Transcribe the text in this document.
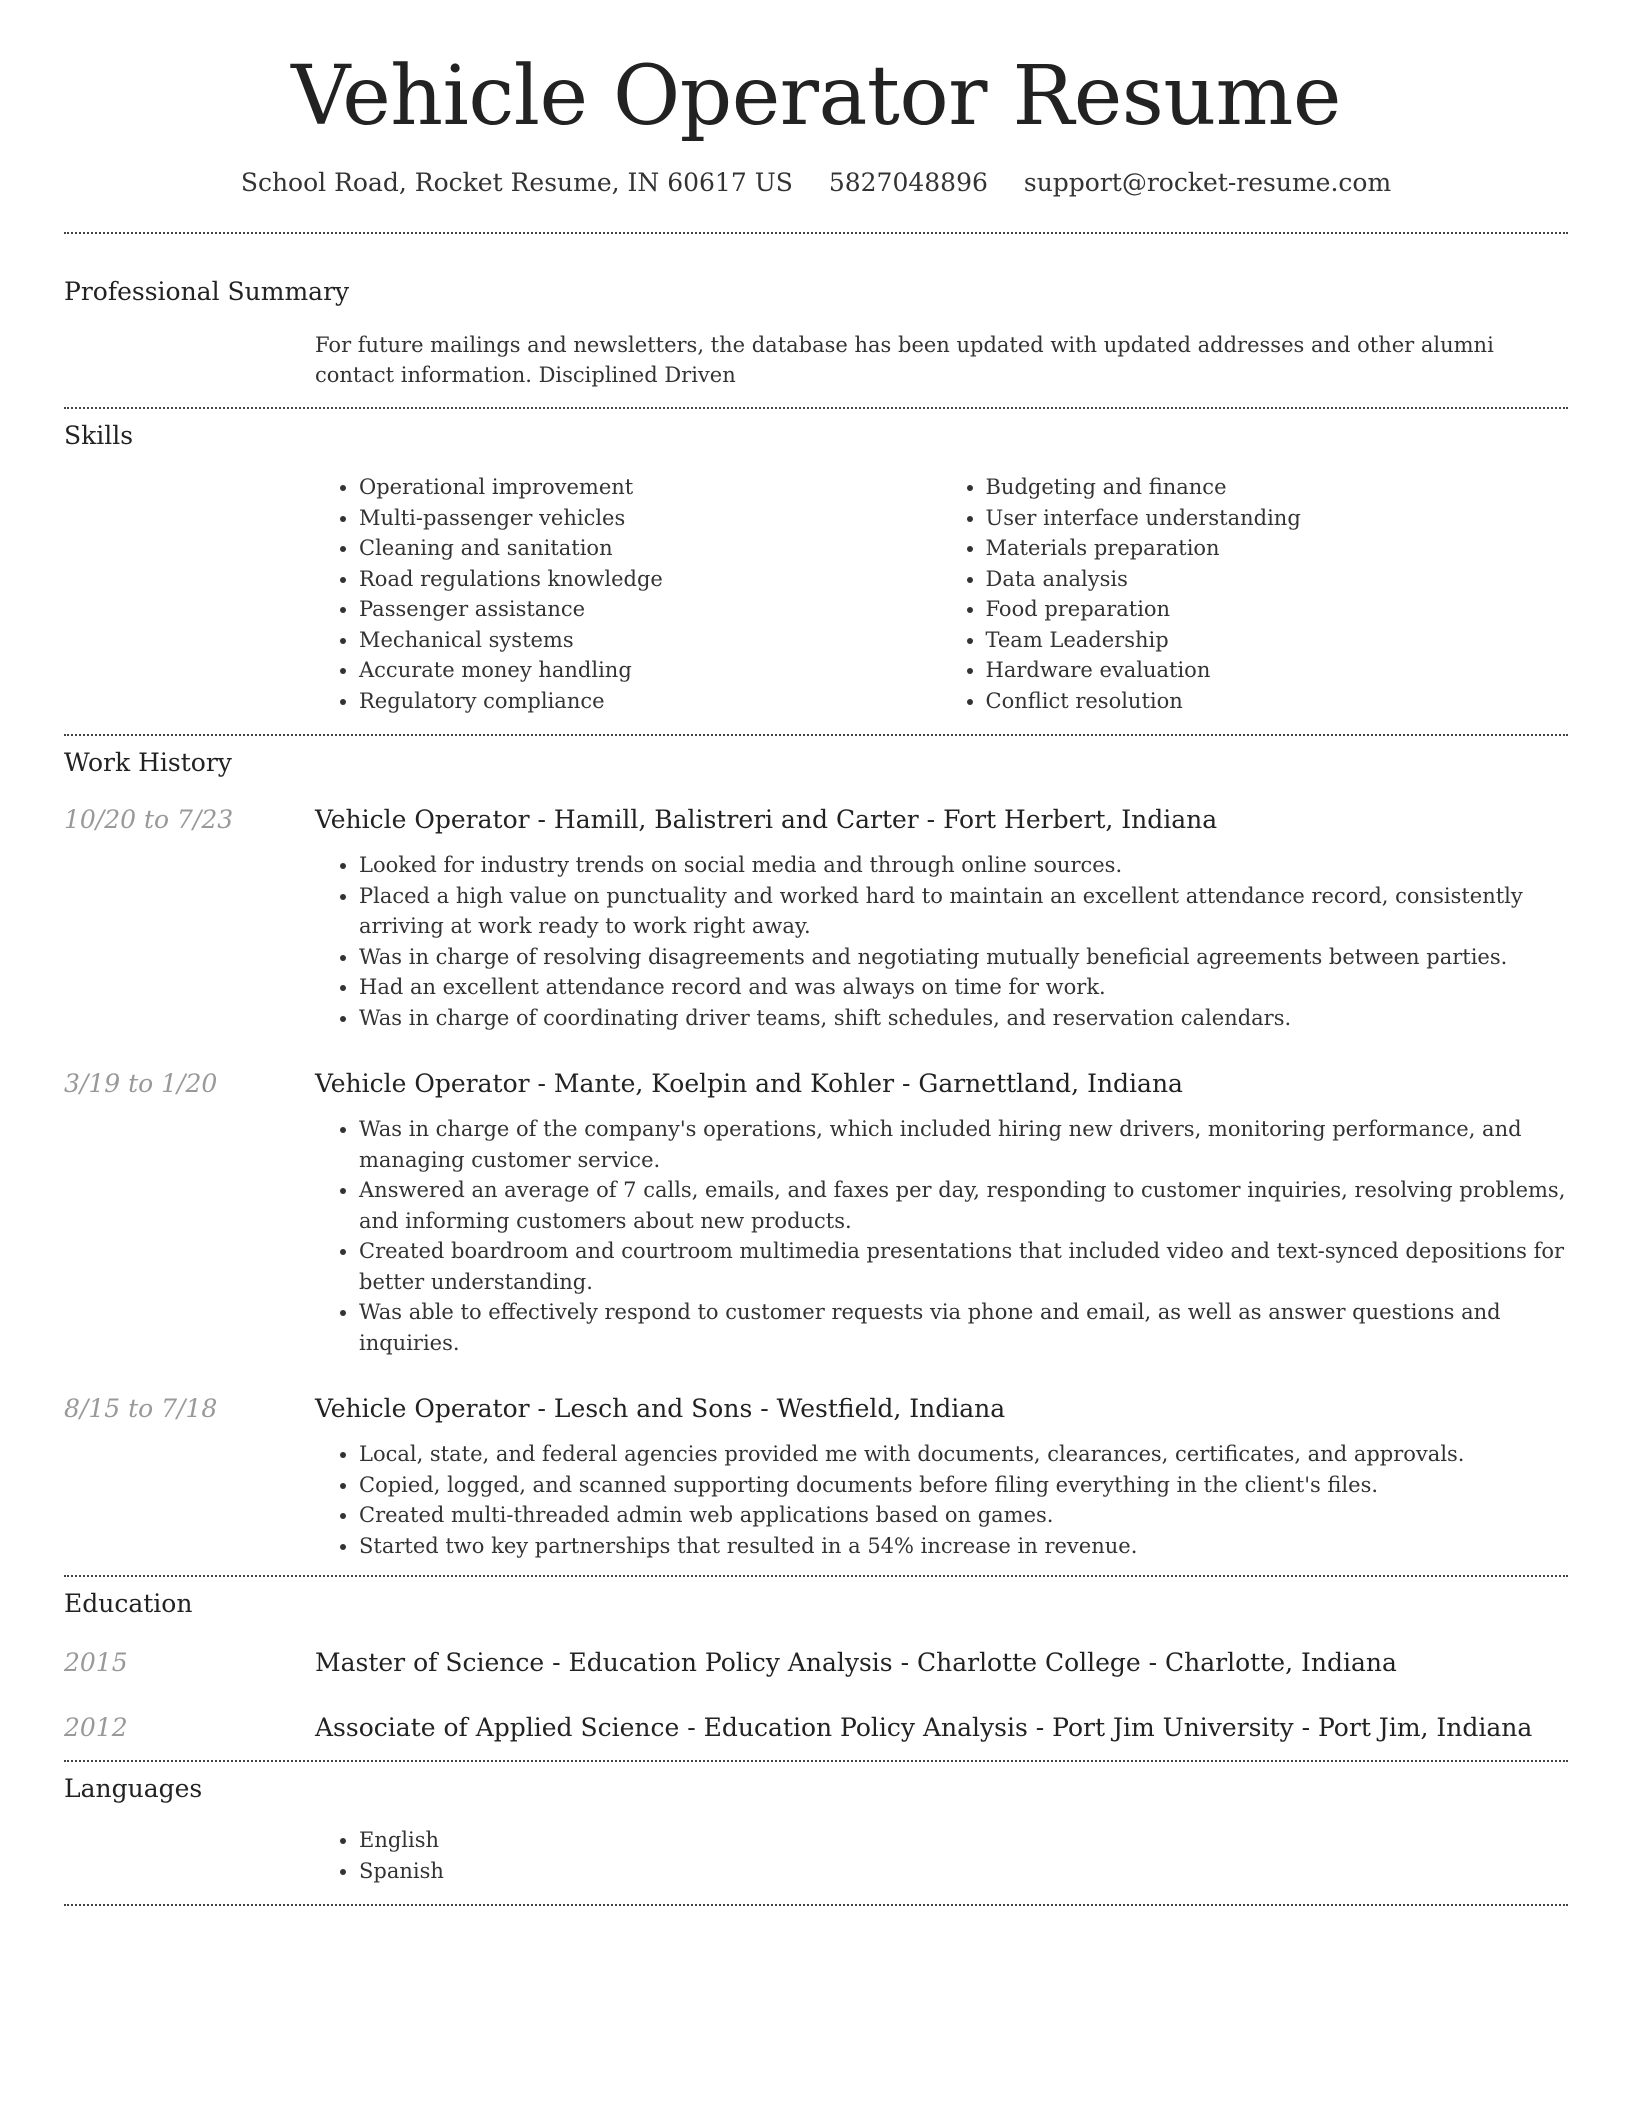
Vehicle Operator Resume
School Road, Rocket Resume, IN 60617 US 5827048896 support@rocket-resume.com
Professional Summary
For future mailings and newsletters, the database has been updated with updated addresses and other alumni contact information. Disciplined Driven
Skills
• Operational improvement
• Multi-passenger vehicles
• Cleaning and sanitation
• Road regulations knowledge
• Passenger assistance
• Mechanical systems
• Accurate money handling
• Regulatory compliance
• Budgeting and finance
• User interface understanding
• Materials preparation
• Data analysis
• Food preparation
• Team Leadership
• Hardware evaluation
• Conflict resolution
Work History
10/20 to 7/23	Vehicle Operator - Hamill, Balistreri and Carter - Fort Herbert, Indiana
• Looked for industry trends on social media and through online sources.
• Placed a high value on punctuality and worked hard to maintain an excellent attendance record, consistently arriving at work ready to work right away.
• Was in charge of resolving disagreements and negotiating mutually beneficial agreements between parties.
• Had an excellent attendance record and was always on time for work.
• Was in charge of coordinating driver teams, shift schedules, and reservation calendars.
3/19 to 1/20	Vehicle Operator - Mante, Koelpin and Kohler - Garnettland, Indiana
• Was in charge of the company's operations, which included hiring new drivers, monitoring performance, and managing customer service.
• Answered an average of 7 calls, emails, and faxes per day, responding to customer inquiries, resolving problems, and informing customers about new products.
• Created boardroom and courtroom multimedia presentations that included video and text-synced depositions for better understanding.
• Was able to effectively respond to customer requests via phone and email, as well as answer questions and inquiries.
8/15 to 7/18	Vehicle Operator - Lesch and Sons - Westfield, Indiana
• Local, state, and federal agencies provided me with documents, clearances, certificates, and approvals.
• Copied, logged, and scanned supporting documents before filing everything in the client's files.
• Created multi-threaded admin web applications based on games.
• Started two key partnerships that resulted in a 54% increase in revenue.
Education
2015	Master of Science - Education Policy Analysis - Charlotte College - Charlotte, Indiana
2012	Associate of Applied Science - Education Policy Analysis - Port Jim University - Port Jim, Indiana
Languages
• English
• Spanish
